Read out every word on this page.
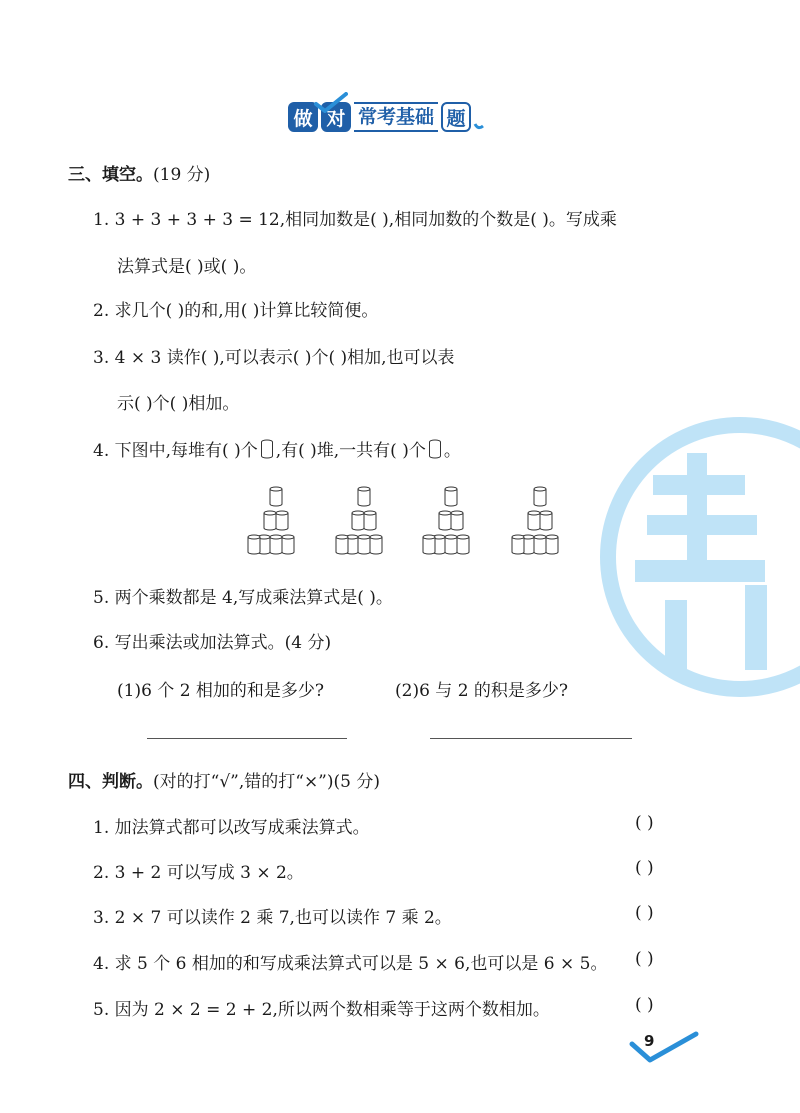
做 对 常考基础 题
三、填空。(19 分)
1. 3 + 3 + 3 + 3 = 12,相同加数是( ),相同加数的个数是( )。写成乘
法算式是( )或( )。
2. 求几个( )的和,用( )计算比较简便。
3. 4 × 3 读作( ),可以表示( )个( )相加,也可以表
示( )个( )相加。
4. 下图中,每堆有( )个 ,有( )堆,一共有( )个 。
5. 两个乘数都是 4,写成乘法算式是( )。
6. 写出乘法或加法算式。(4 分)
(1)6 个 2 相加的和是多少?	(2)6 与 2 的积是多少?
四、判断。(对的打“√”,错的打“×”)(5 分)
1. 加法算式都可以改写成乘法算式。	( )
2. 3 + 2 可以写成 3 × 2。	( )
3. 2 × 7 可以读作 2 乘 7,也可以读作 7 乘 2。	( )
4. 求 5 个 6 相加的和写成乘法算式可以是 5 × 6,也可以是 6 × 5。 ( )
5. 因为 2 × 2 = 2 + 2,所以两个数相乘等于这两个数相加。	( )
9
